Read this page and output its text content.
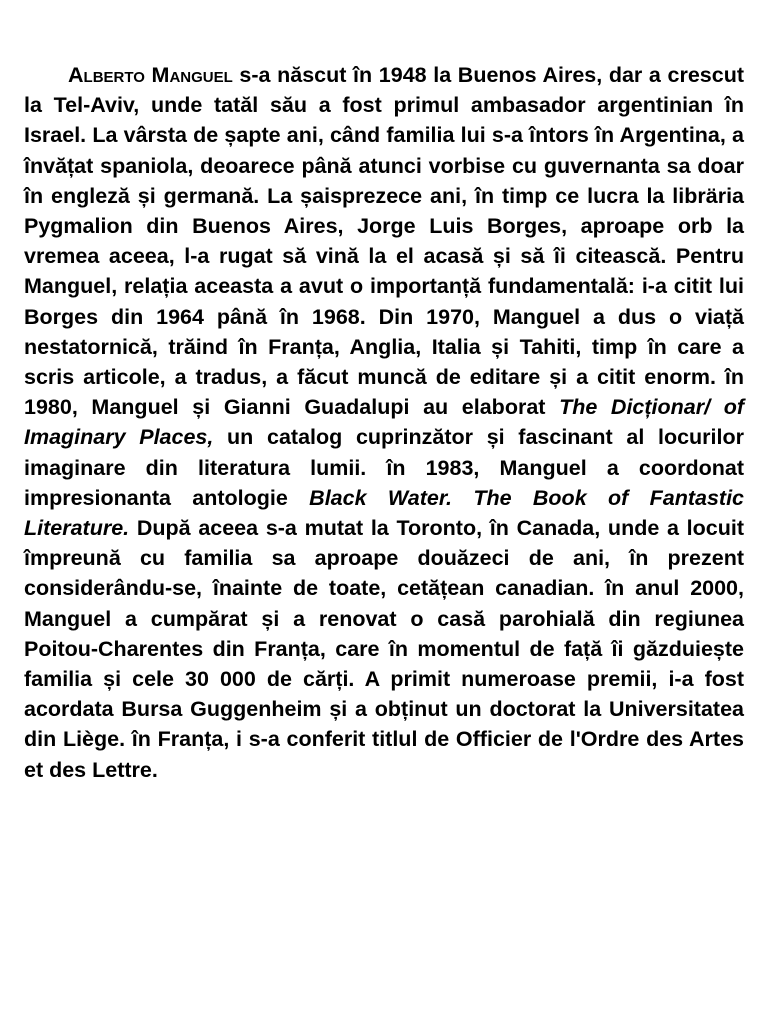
Alberto Manguel s-a născut în 1948 la Buenos Aires, dar a crescut la Tel-Aviv, unde tatăl său a fost primul ambasador argentinian în Israel. La vârsta de șapte ani, când familia lui s-a întors în Argentina, a învățat spaniola, deoarece până atunci vorbise cu guvernanta sa doar în engleză și germană. La șaisprezece ani, în timp ce lucra la libräria Pygmalion din Buenos Aires, Jorge Luis Borges, aproape orb la vremea aceea, l-a rugat să vină la el acasă și să îi citească. Pentru Manguel, relația aceasta a avut o importanță fundamentală: i-a citit lui Borges din 1964 până în 1968. Din 1970, Manguel a dus o viață nestatornică, trăind în Franța, Anglia, Italia și Tahiti, timp în care a scris articole, a tradus, a făcut muncă de editare și a citit enorm. în 1980, Manguel și Gianni Guadalupi au elaborat The Dicționar/ of Imaginary Places, un catalog cuprinzător și fascinant al locurilor imaginare din literatura lumii. în 1983, Manguel a coordonat impresionanta antologie Black Water. The Book of Fantastic Literature. După aceea s-a mutat la Toronto, în Canada, unde a locuit împreună cu familia sa aproape douăzeci de ani, în prezent considerându-se, înainte de toate, cetățean canadian. în anul 2000, Manguel a cumpărat și a renovat o casă parohială din regiunea Poitou-Charentes din Franța, care în momentul de față îi găzduiește familia și cele 30 000 de cărți. A primit numeroase premii, i-a fost acordata Bursa Guggenheim și a obținut un doctorat la Universitatea din Liège. în Franța, i s-a conferit titlul de Officier de l'Ordre des Artes et des Lettre.
